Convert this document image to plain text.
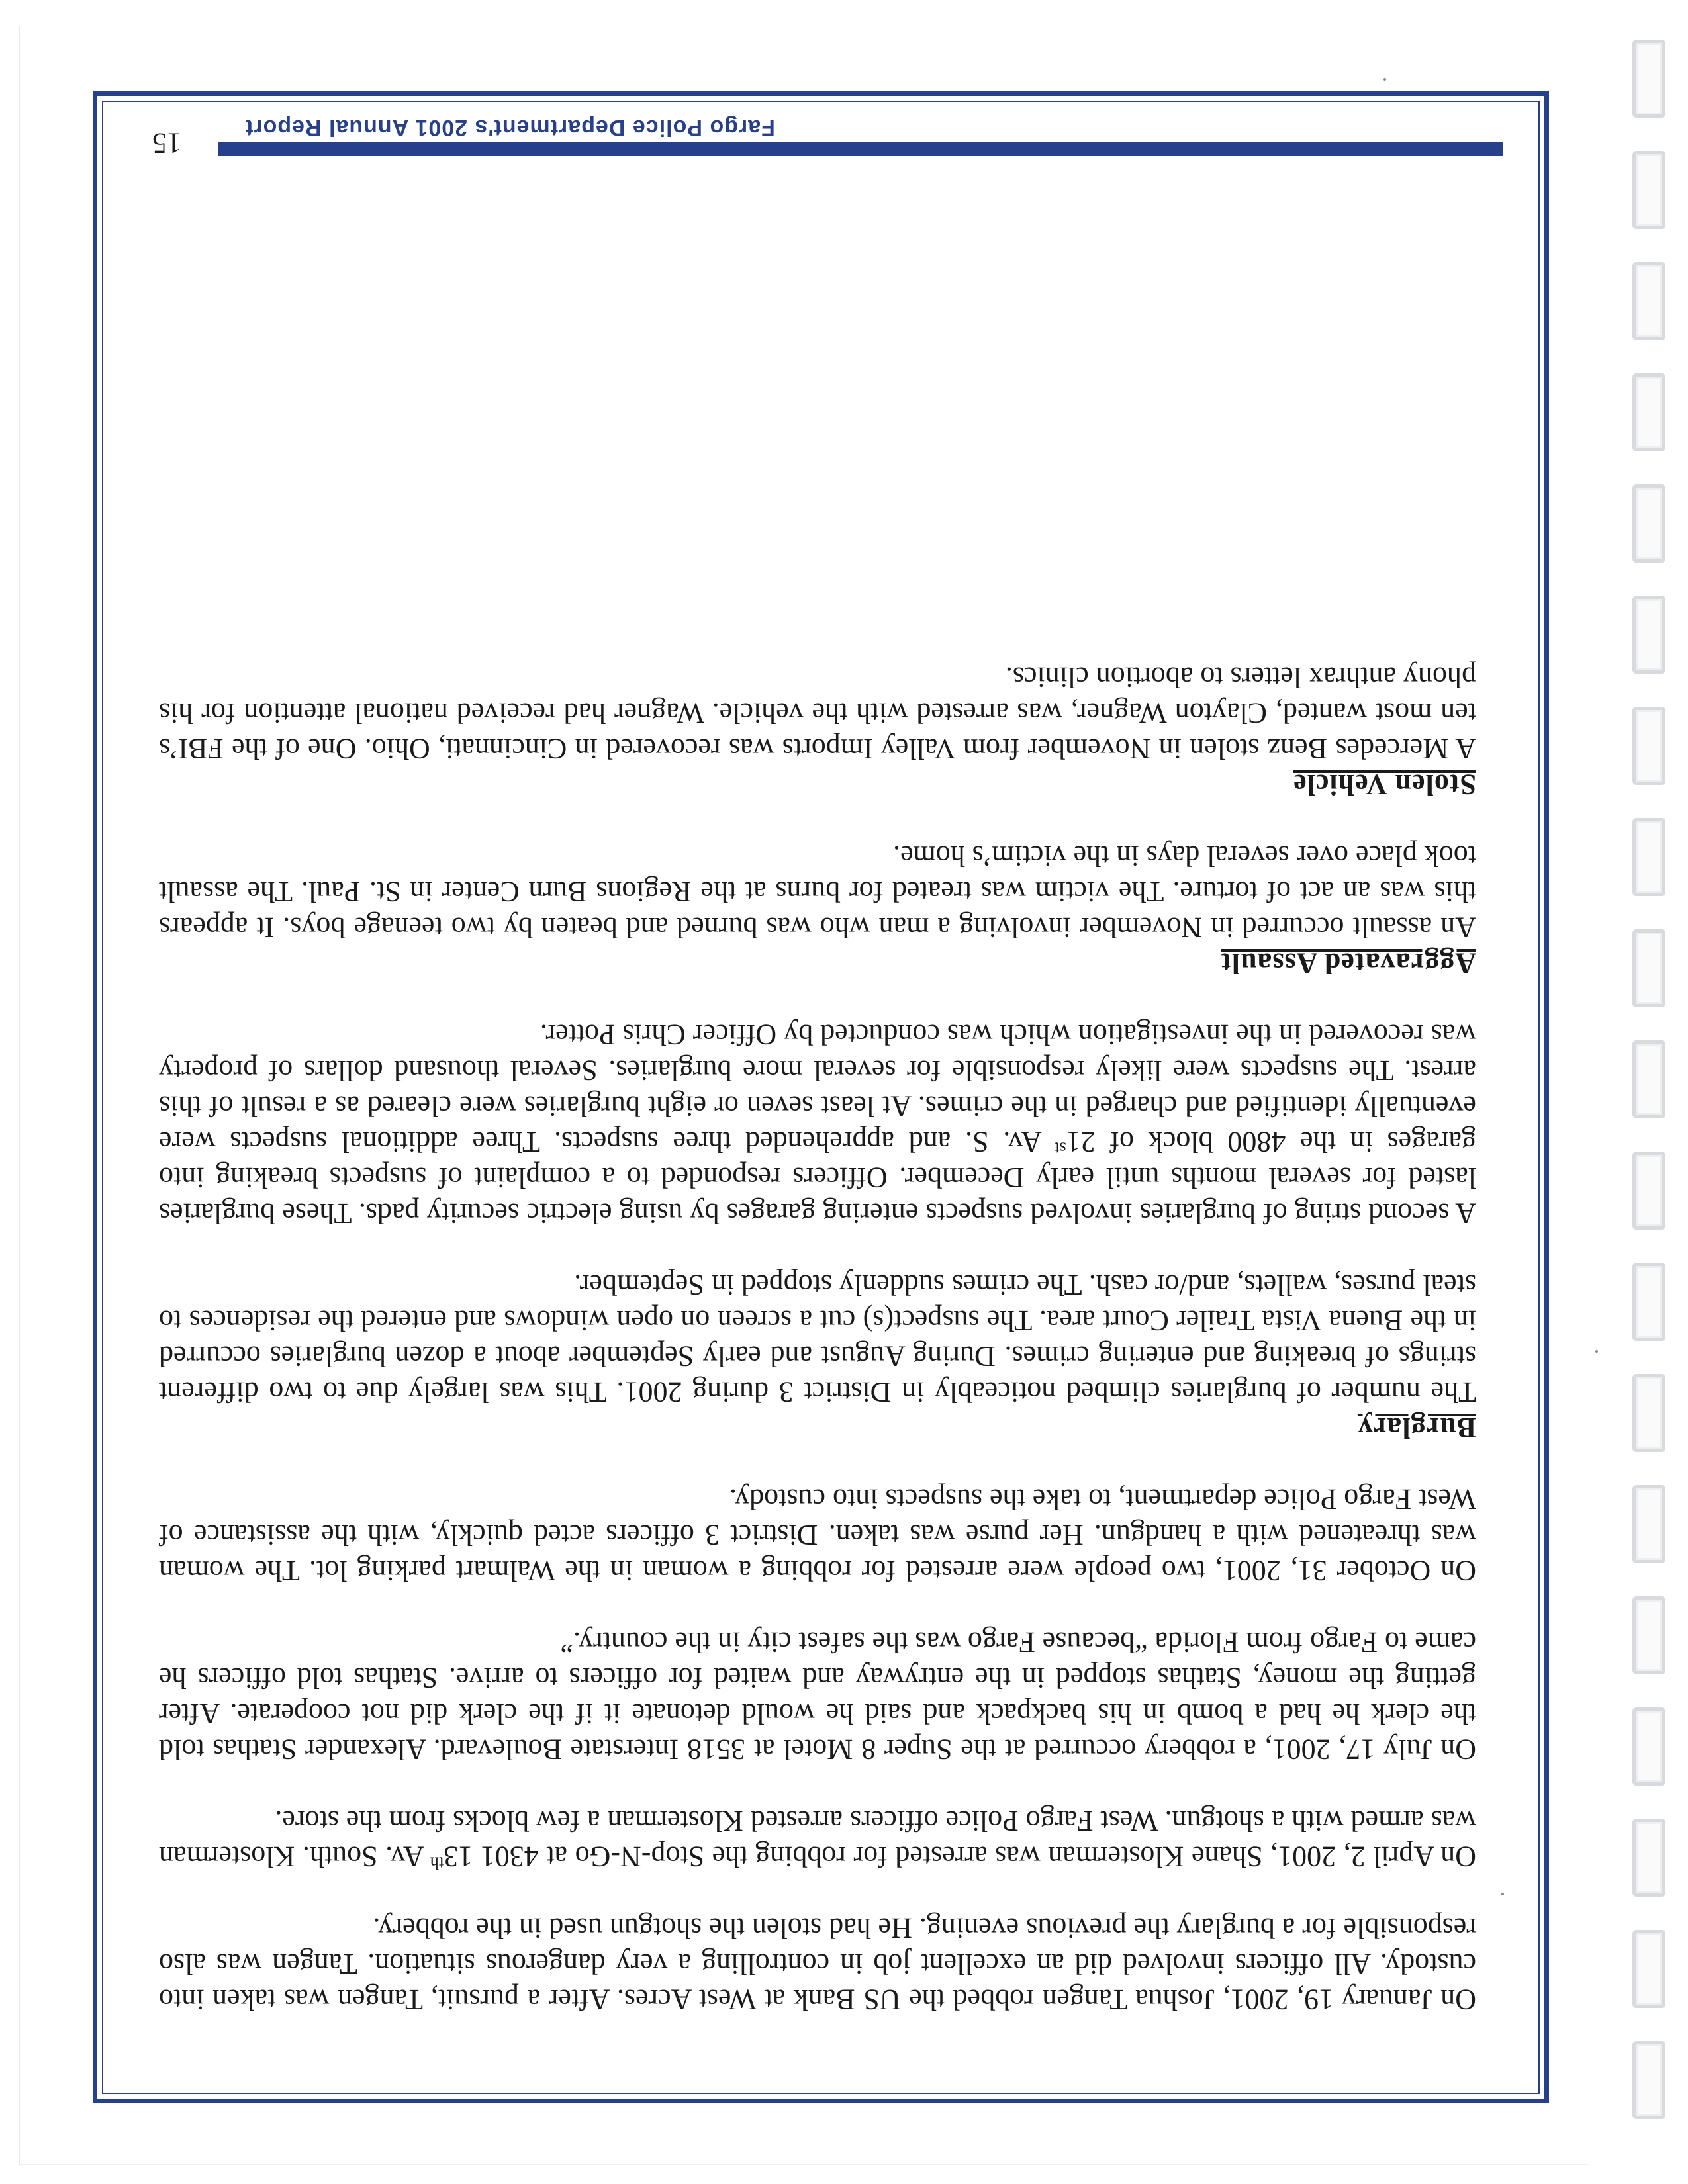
On January 19, 2001, Joshua Tangen robbed the US Bank at West Acres. After a pursuit, Tangen was taken into custody. All officers involved did an excellent job in controlling a very dangerous situation. Tangen was also responsible for a burglary the previous evening. He had stolen the shotgun used in the robbery.

On April 2, 2001, Shane Klosterman was arrested for robbing the Stop-N-Go at 4301 13th Av. South. Klosterman was armed with a shotgun. West Fargo Police officers arrested Klosterman a few blocks from the store.

On July 17, 2001, a robbery occurred at the Super 8 Motel at 3518 Interstate Boulevard. Alexander Stathas told the clerk he had a bomb in his backpack and said he would detonate it if the clerk did not cooperate. After getting the money, Stathas stopped in the entryway and waited for officers to arrive. Stathas told officers he came to Fargo from Florida “because Fargo was the safest city in the country.”

On October 31, 2001, two people were arrested for robbing a woman in the Walmart parking lot. The woman was threatened with a handgun. Her purse was taken. District 3 officers acted quickly, with the assistance of West Fargo Police department, to take the suspects into custody.

Burglary

The number of burglaries climbed noticeably in District 3 during 2001. This was largely due to two different strings of breaking and entering crimes. During August and early September about a dozen burglaries occurred in the Buena Vista Trailer Court area. The suspect(s) cut a screen on open windows and entered the residences to steal purses, wallets, and/or cash. The crimes suddenly stopped in September.

A second string of burglaries involved suspects entering garages by using electric security pads. These burglaries lasted for several months until early December. Officers responded to a complaint of suspects breaking into garages in the 4800 block of 21st Av. S. and apprehended three suspects. Three additional suspects were eventually identified and charged in the crimes. At least seven or eight burglaries were cleared as a result of this arrest. The suspects were likely responsible for several more burglaries. Several thousand dollars of property was recovered in the investigation which was conducted by Officer Chris Potter.

Aggravated Assault

An assault occurred in November involving a man who was burned and beaten by two teenage boys. It appears this was an act of torture. The victim was treated for burns at the Regions Burn Center in St. Paul. The assault took place over several days in the victim’s home.

Stolen Vehicle

A Mercedes Benz stolen in November from Valley Imports was recovered in Cincinnati, Ohio. One of the FBI’s ten most wanted, Clayton Wagner, was arrested with the vehicle. Wagner had received national attention for his phony anthrax letters to abortion clinics.

Fargo Police Department's 2001 Annual Report
15
